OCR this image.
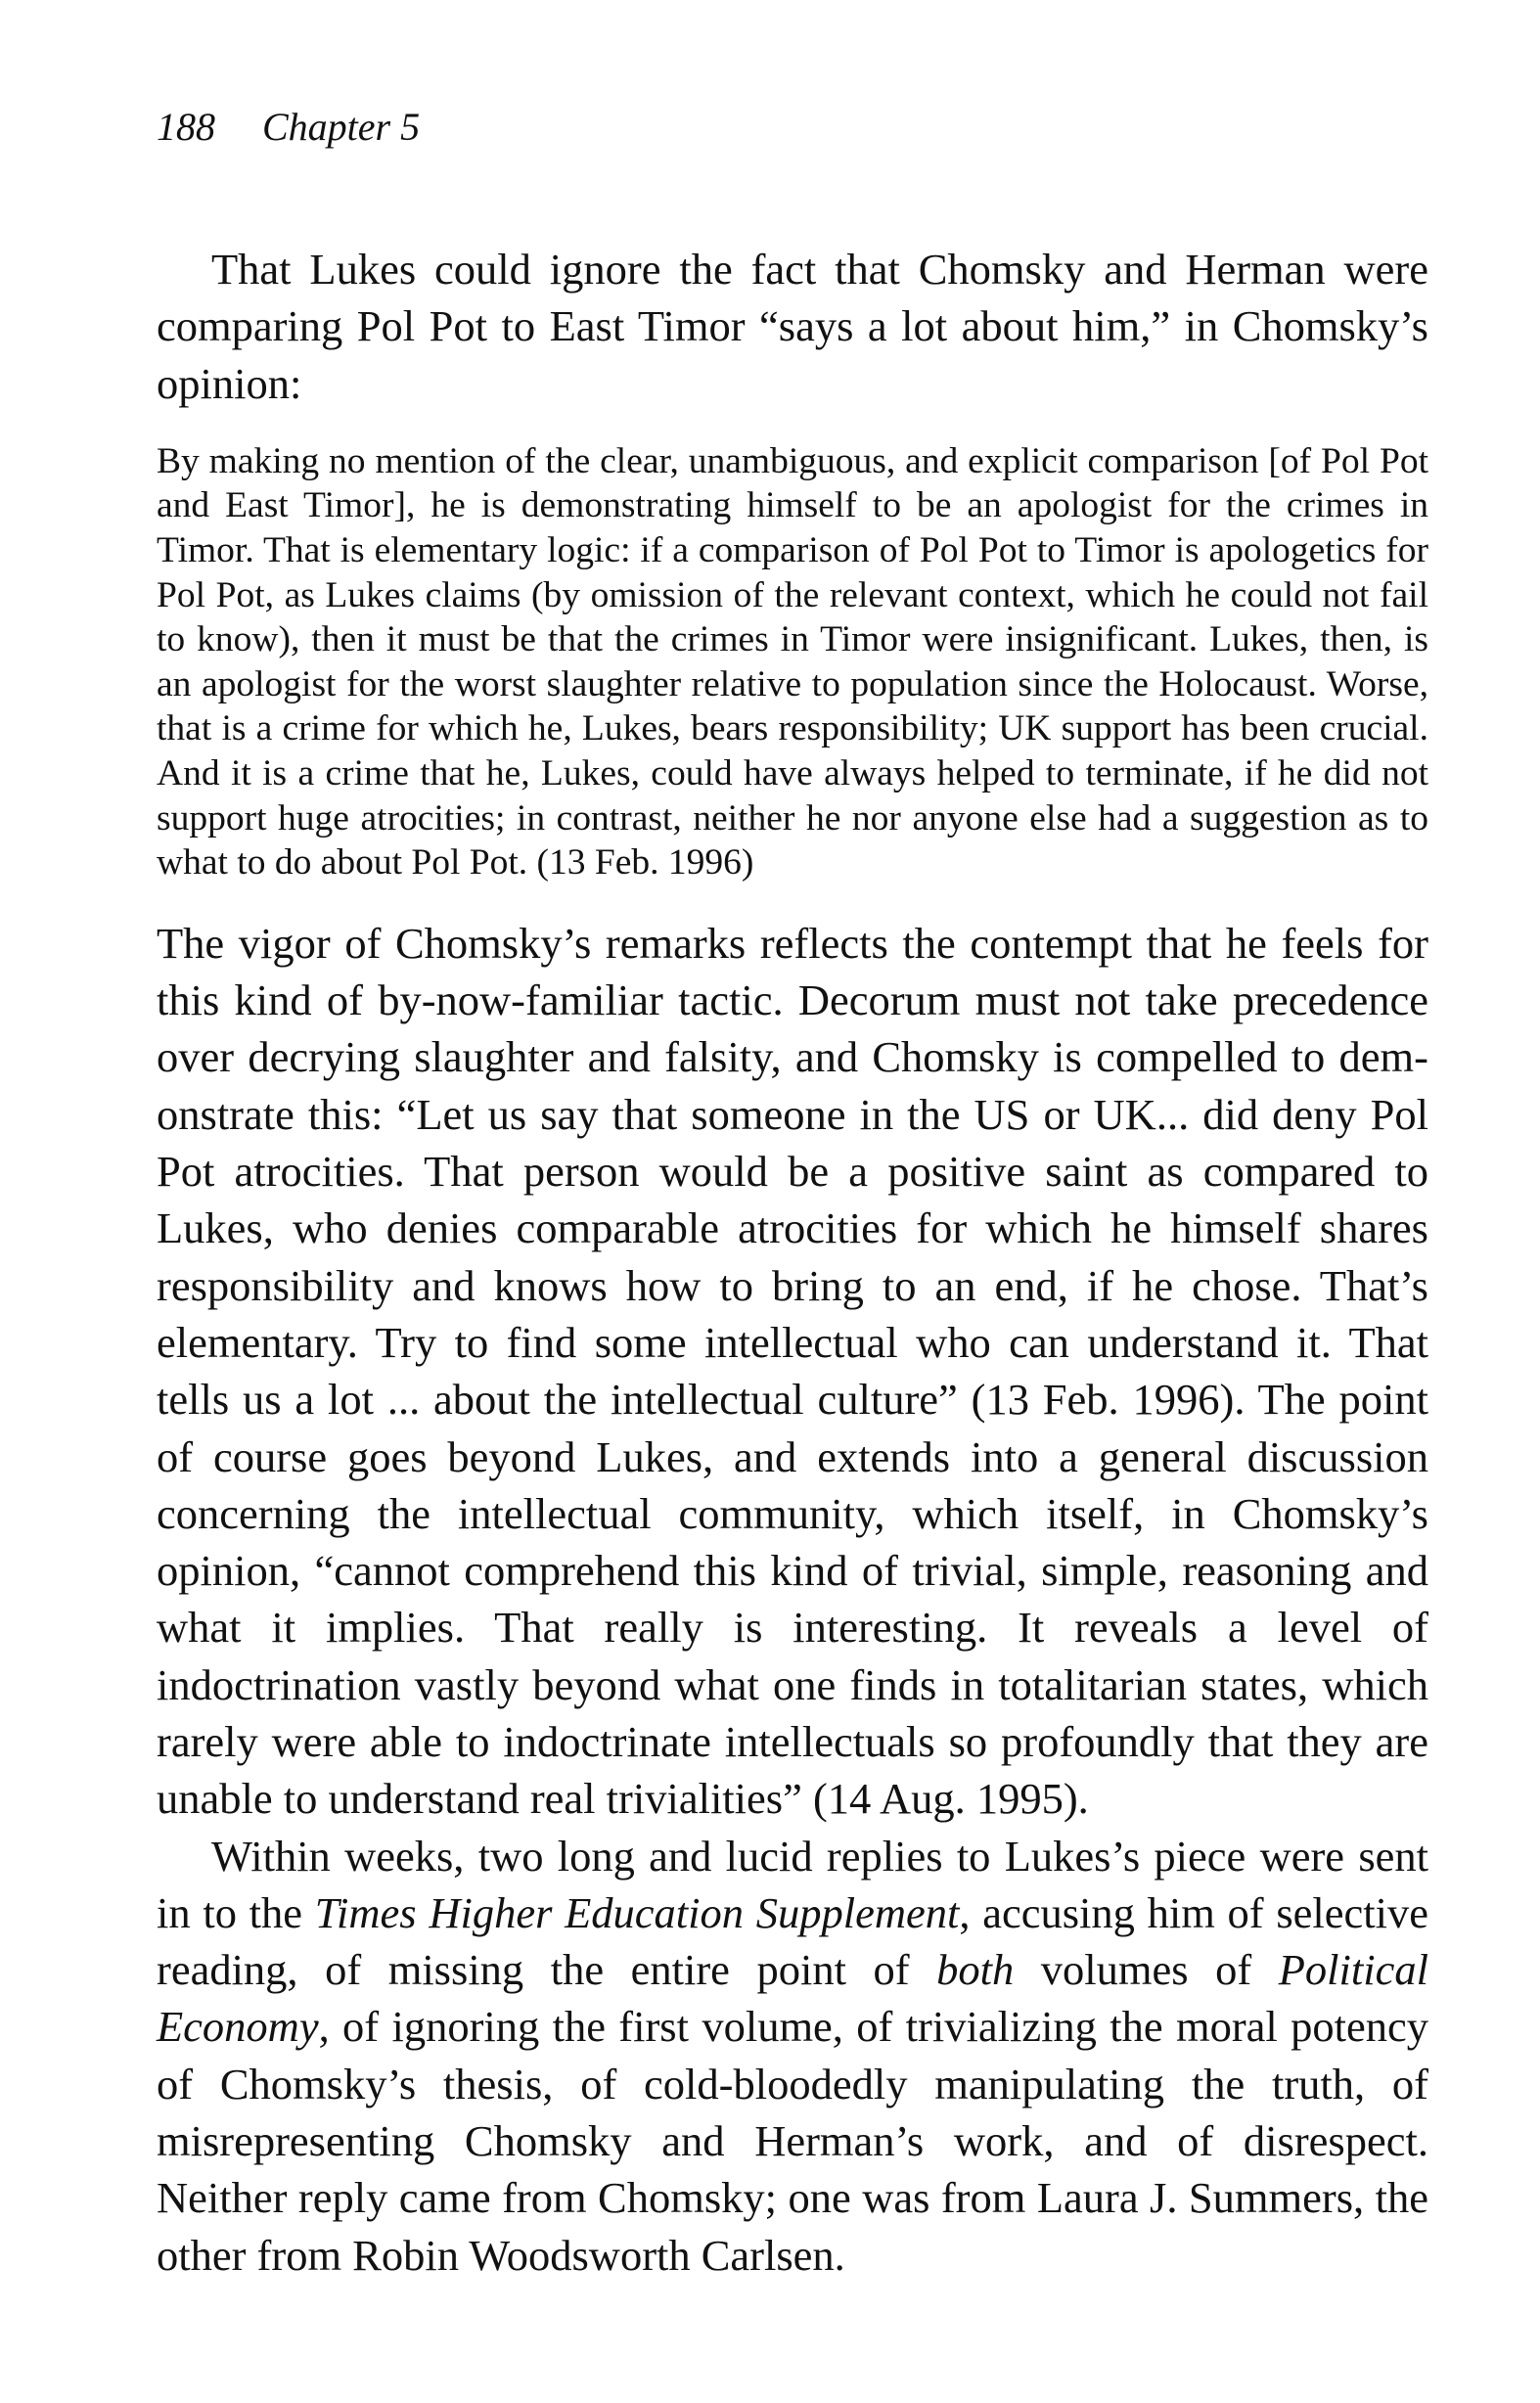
188 Chapter 5

That Lukes could ignore the fact that Chomsky and Herman were comparing Pol Pot to East Timor “says a lot about him,” in Chomsky’s opinion:

By making no mention of the clear, unambiguous, and explicit comparison [of Pol Pot and East Timor], he is demonstrating himself to be an apologist for the crimes in Timor. That is elementary logic: if a comparison of Pol Pot to Timor is apologetics for Pol Pot, as Lukes claims (by omission of the relevant context, which he could not fail to know), then it must be that the crimes in Timor were insignificant. Lukes, then, is an apologist for the worst slaughter relative to population since the Holocaust. Worse, that is a crime for which he, Lukes, bears responsibility; UK support has been crucial. And it is a crime that he, Lukes, could have always helped to terminate, if he did not support huge atrocities; in contrast, neither he nor anyone else had a suggestion as to what to do about Pol Pot. (13 Feb. 1996)

The vigor of Chomsky’s remarks reflects the contempt that he feels for this kind of by-now-familiar tactic. Decorum must not take precedence over decrying slaughter and falsity, and Chomsky is compelled to demonstrate this: “Let us say that someone in the US or UK... did deny Pol Pot atrocities. That person would be a positive saint as compared to Lukes, who denies comparable atrocities for which he himself shares responsibility and knows how to bring to an end, if he chose. That’s elementary. Try to find some intellectual who can understand it. That tells us a lot ... about the intellectual culture” (13 Feb. 1996). The point of course goes beyond Lukes, and extends into a general discussion concerning the intellectual community, which itself, in Chomsky’s opinion, “cannot comprehend this kind of trivial, simple, reasoning and what it implies. That really is interesting. It reveals a level of indoctrination vastly beyond what one finds in totalitarian states, which rarely were able to indoctrinate intellectuals so profoundly that they are unable to understand real trivialities” (14 Aug. 1995).

Within weeks, two long and lucid replies to Lukes’s piece were sent in to the Times Higher Education Supplement, accusing him of selective reading, of missing the entire point of both volumes of Political Economy, of ignoring the first volume, of trivializing the moral potency of Chomsky’s thesis, of cold-bloodedly manipulating the truth, of misrepresenting Chomsky and Herman’s work, and of disrespect. Neither reply came from Chomsky; one was from Laura J. Summers, the other from Robin Woodsworth Carlsen.
